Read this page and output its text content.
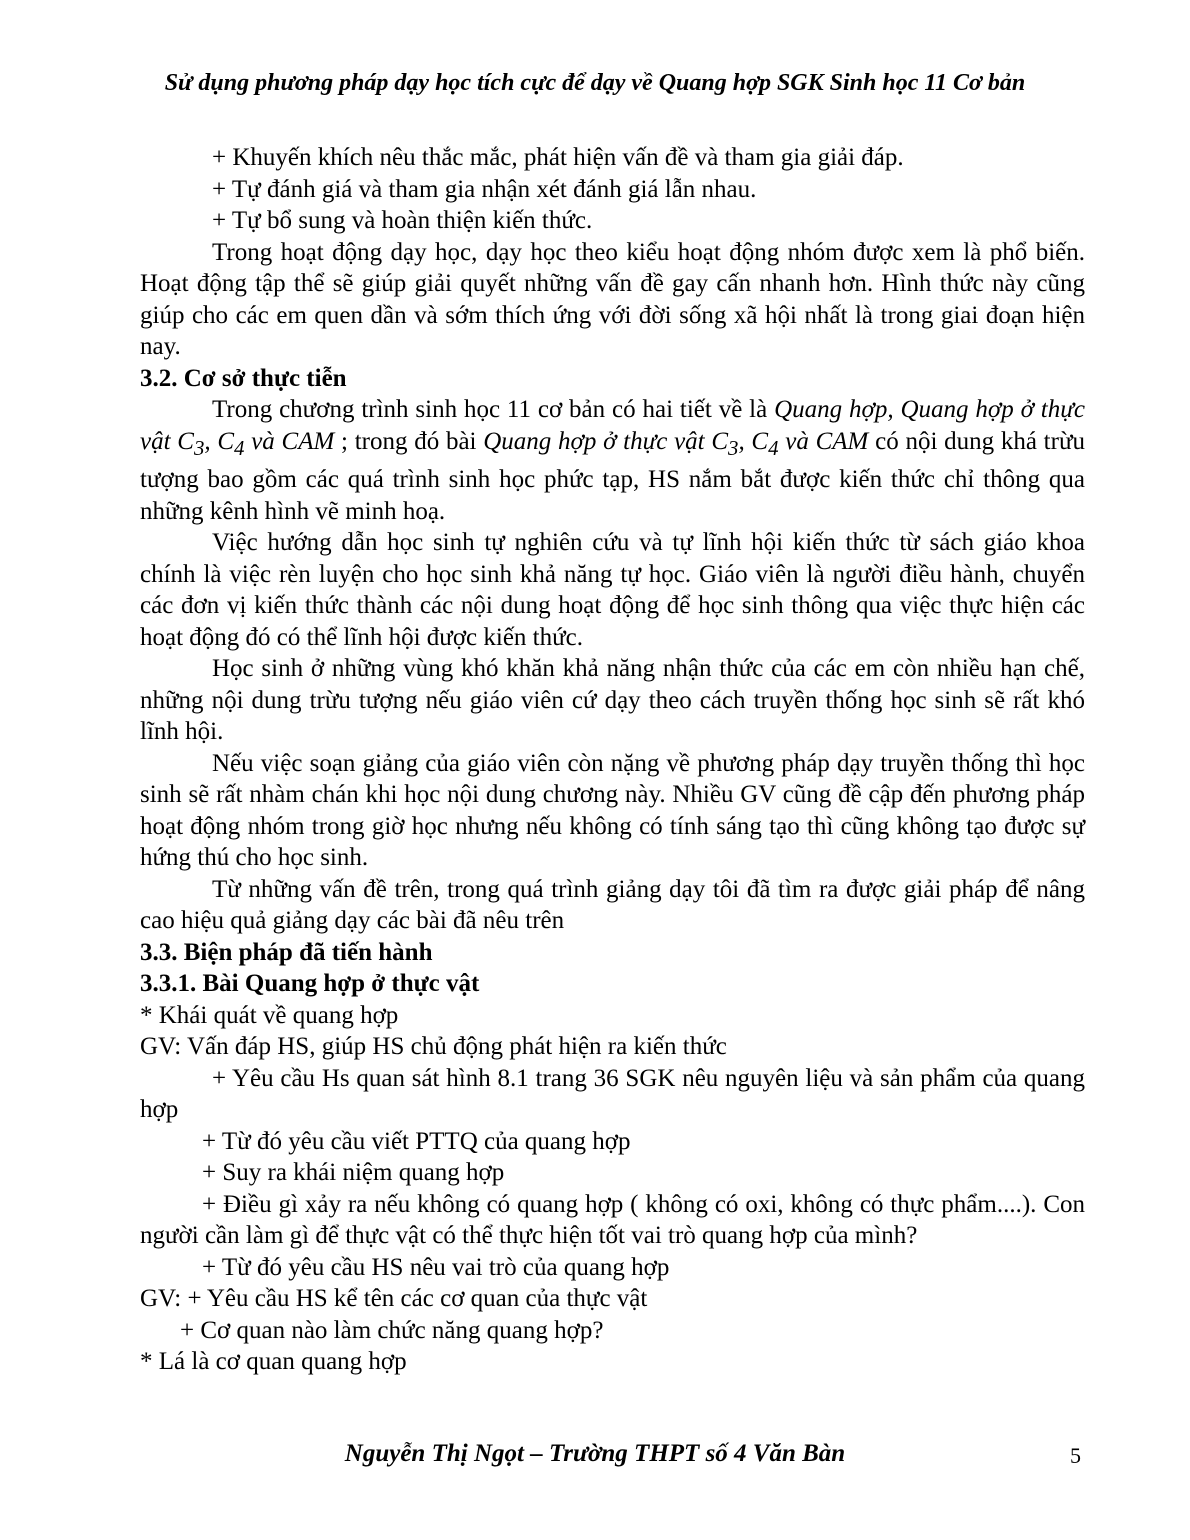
Sử dụng phương pháp dạy học tích cực để dạy về Quang hợp SGK Sinh học 11 Cơ bản

+ Khuyến khích nêu thắc mắc, phát hiện vấn đề và tham gia giải đáp.

+ Tự đánh giá và tham gia nhận xét đánh giá lẫn nhau.

+ Tự bổ sung và hoàn thiện kiến thức.

Trong hoạt động dạy học, dạy học theo kiểu hoạt động nhóm được xem là phổ biến. Hoạt động tập thể sẽ giúp giải quyết những vấn đề gay cấn nhanh hơn. Hình thức này cũng giúp cho các em quen dần và sớm thích ứng với đời sống xã hội nhất là trong giai đoạn hiện nay.

3.2. Cơ sở thực tiễn

Trong chương trình sinh học 11 cơ bản có hai tiết về là Quang hợp, Quang hợp ở thực vật $C_3$, $C_4$ và CAM ; trong đó bài Quang hợp ở thực vật $C_3$, $C_4$ và CAM có nội dung khá trừu tượng bao gồm các quá trình sinh học phức tạp, HS nắm bắt được kiến thức chỉ thông qua những kênh hình vẽ minh hoạ.

Việc hướng dẫn học sinh tự nghiên cứu và tự lĩnh hội kiến thức từ sách giáo khoa chính là việc rèn luyện cho học sinh khả năng tự học. Giáo viên là người điều hành, chuyển các đơn vị kiến thức thành các nội dung hoạt động để học sinh thông qua việc thực hiện các hoạt động đó có thể lĩnh hội được kiến thức.

Học sinh ở những vùng khó khăn khả năng nhận thức của các em còn nhiều hạn chế, những nội dung trừu tượng nếu giáo viên cứ dạy theo cách truyền thống học sinh sẽ rất khó lĩnh hội.

Nếu việc soạn giảng của giáo viên còn nặng về phương pháp dạy truyền thống thì học sinh sẽ rất nhàm chán khi học nội dung chương này. Nhiều GV cũng đề cập đến phương pháp hoạt động nhóm trong giờ học nhưng nếu không có tính sáng tạo thì cũng không tạo được sự hứng thú cho học sinh.

Từ những vấn đề trên, trong quá trình giảng dạy tôi đã tìm ra được giải pháp để nâng cao hiệu quả giảng dạy các bài đã nêu trên

3.3. Biện pháp đã tiến hành

3.3.1. Bài Quang hợp ở thực vật

* Khái quát về quang hợp

GV: Vấn đáp HS, giúp HS chủ động phát hiện ra kiến thức

+ Yêu cầu Hs quan sát hình 8.1 trang 36 SGK nêu nguyên liệu và sản phẩm của quang hợp

+ Từ đó yêu cầu viết PTTQ của quang hợp

+ Suy ra khái niệm quang hợp

+ Điều gì xảy ra nếu không có quang hợp ( không có oxi, không có thực phẩm....). Con người cần làm gì để thực vật có thể thực hiện tốt vai trò quang hợp của mình?

+ Từ đó yêu cầu HS nêu vai trò của quang hợp

GV: + Yêu cầu HS kể tên các cơ quan của thực vật

+ Cơ quan nào làm chức năng quang hợp?

* Lá là cơ quan quang hợp

Nguyễn Thị Ngọt – Trường THPT số 4 Văn Bàn	5
